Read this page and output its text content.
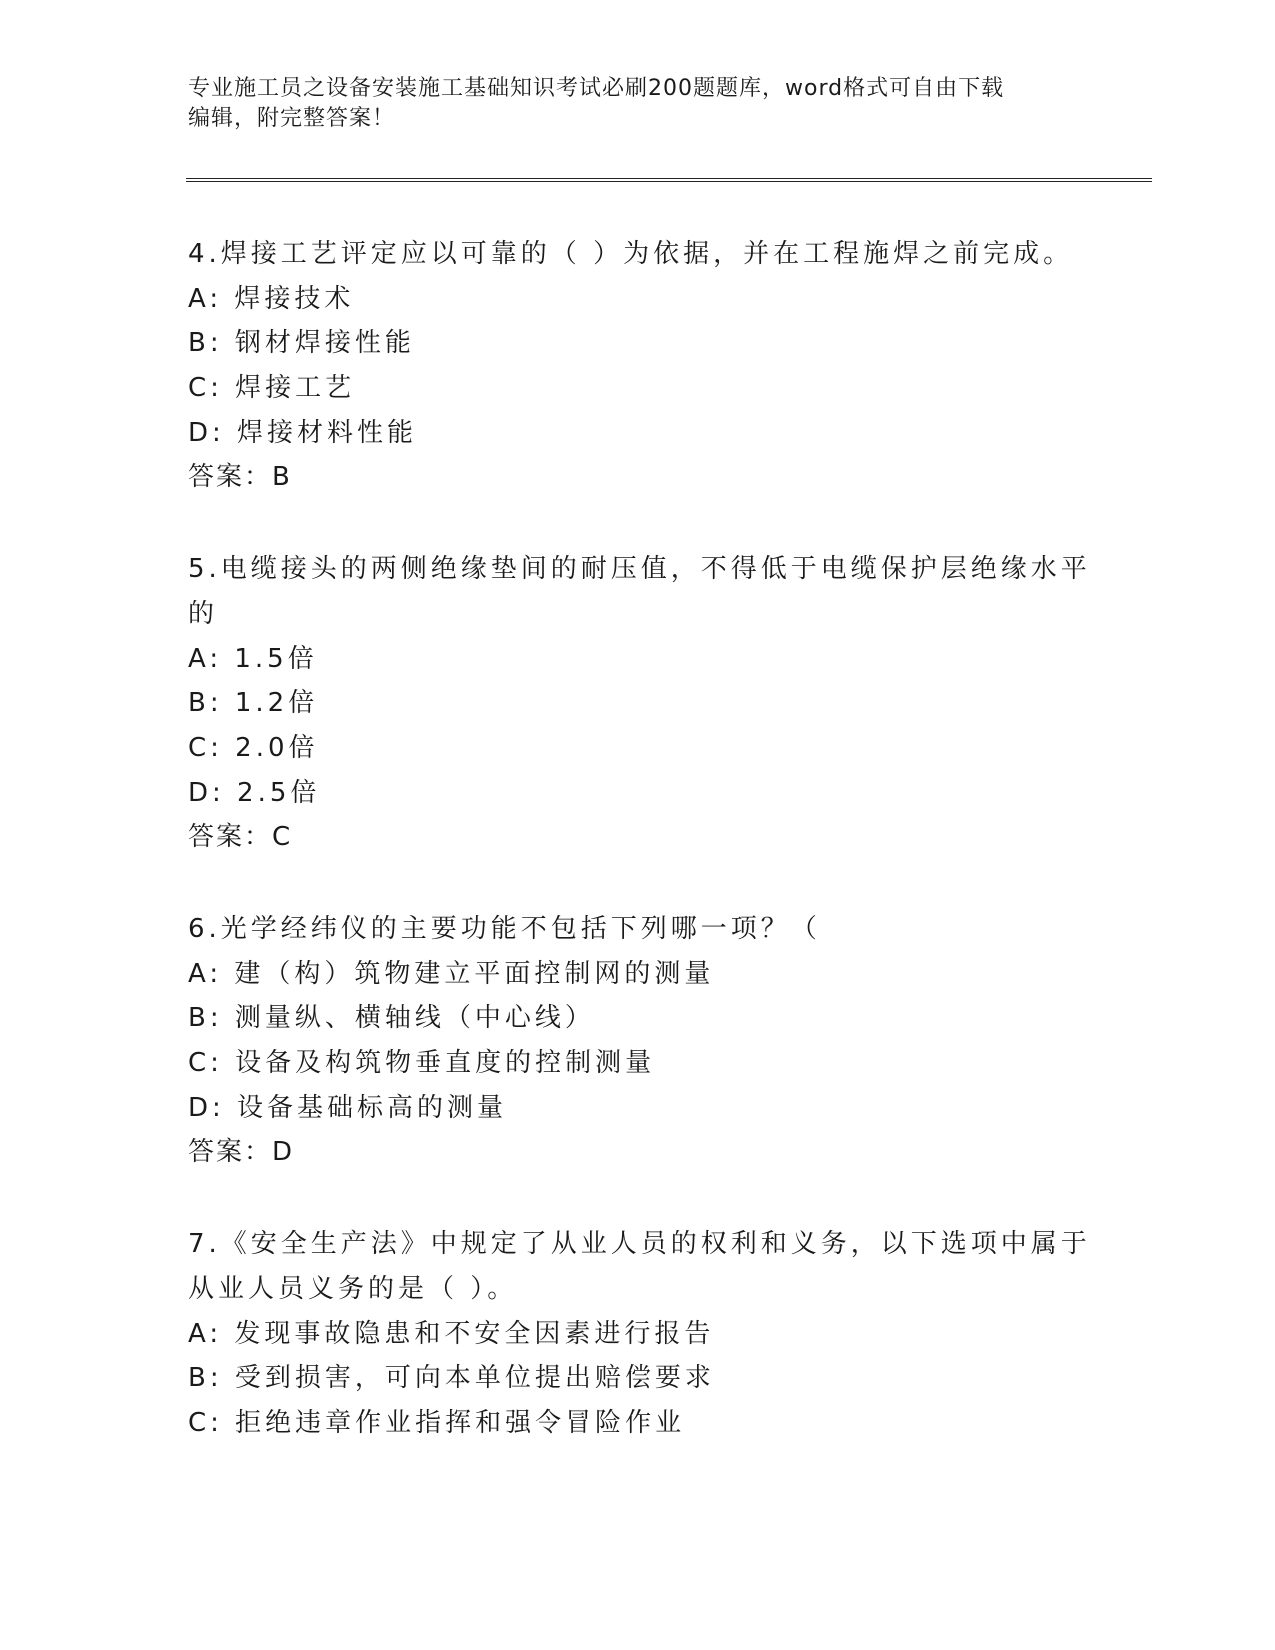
专业施工员之设备安装施工基础知识考试必刷200题题库，word格式可自由下载
编辑，附完整答案！
4.焊接工艺评定应以可靠的（ ）为依据，并在工程施焊之前完成。
A: 焊接技术
B: 钢材焊接性能
C: 焊接工艺
D: 焊接材料性能
答案：B
5.电缆接头的两侧绝缘垫间的耐压值，不得低于电缆保护层绝缘水平
的
A: 1.5倍
B: 1.2倍
C: 2.0倍
D: 2.5倍
答案：C
6.光学经纬仪的主要功能不包括下列哪一项？（
A: 建（构）筑物建立平面控制网的测量
B: 测量纵、横轴线（中心线）
C: 设备及构筑物垂直度的控制测量
D: 设备基础标高的测量
答案：D
7.《安全生产法》中规定了从业人员的权利和义务，以下选项中属于
从业人员义务的是（ ）。
A: 发现事故隐患和不安全因素进行报告
B: 受到损害，可向本单位提出赔偿要求
C: 拒绝违章作业指挥和强令冒险作业
